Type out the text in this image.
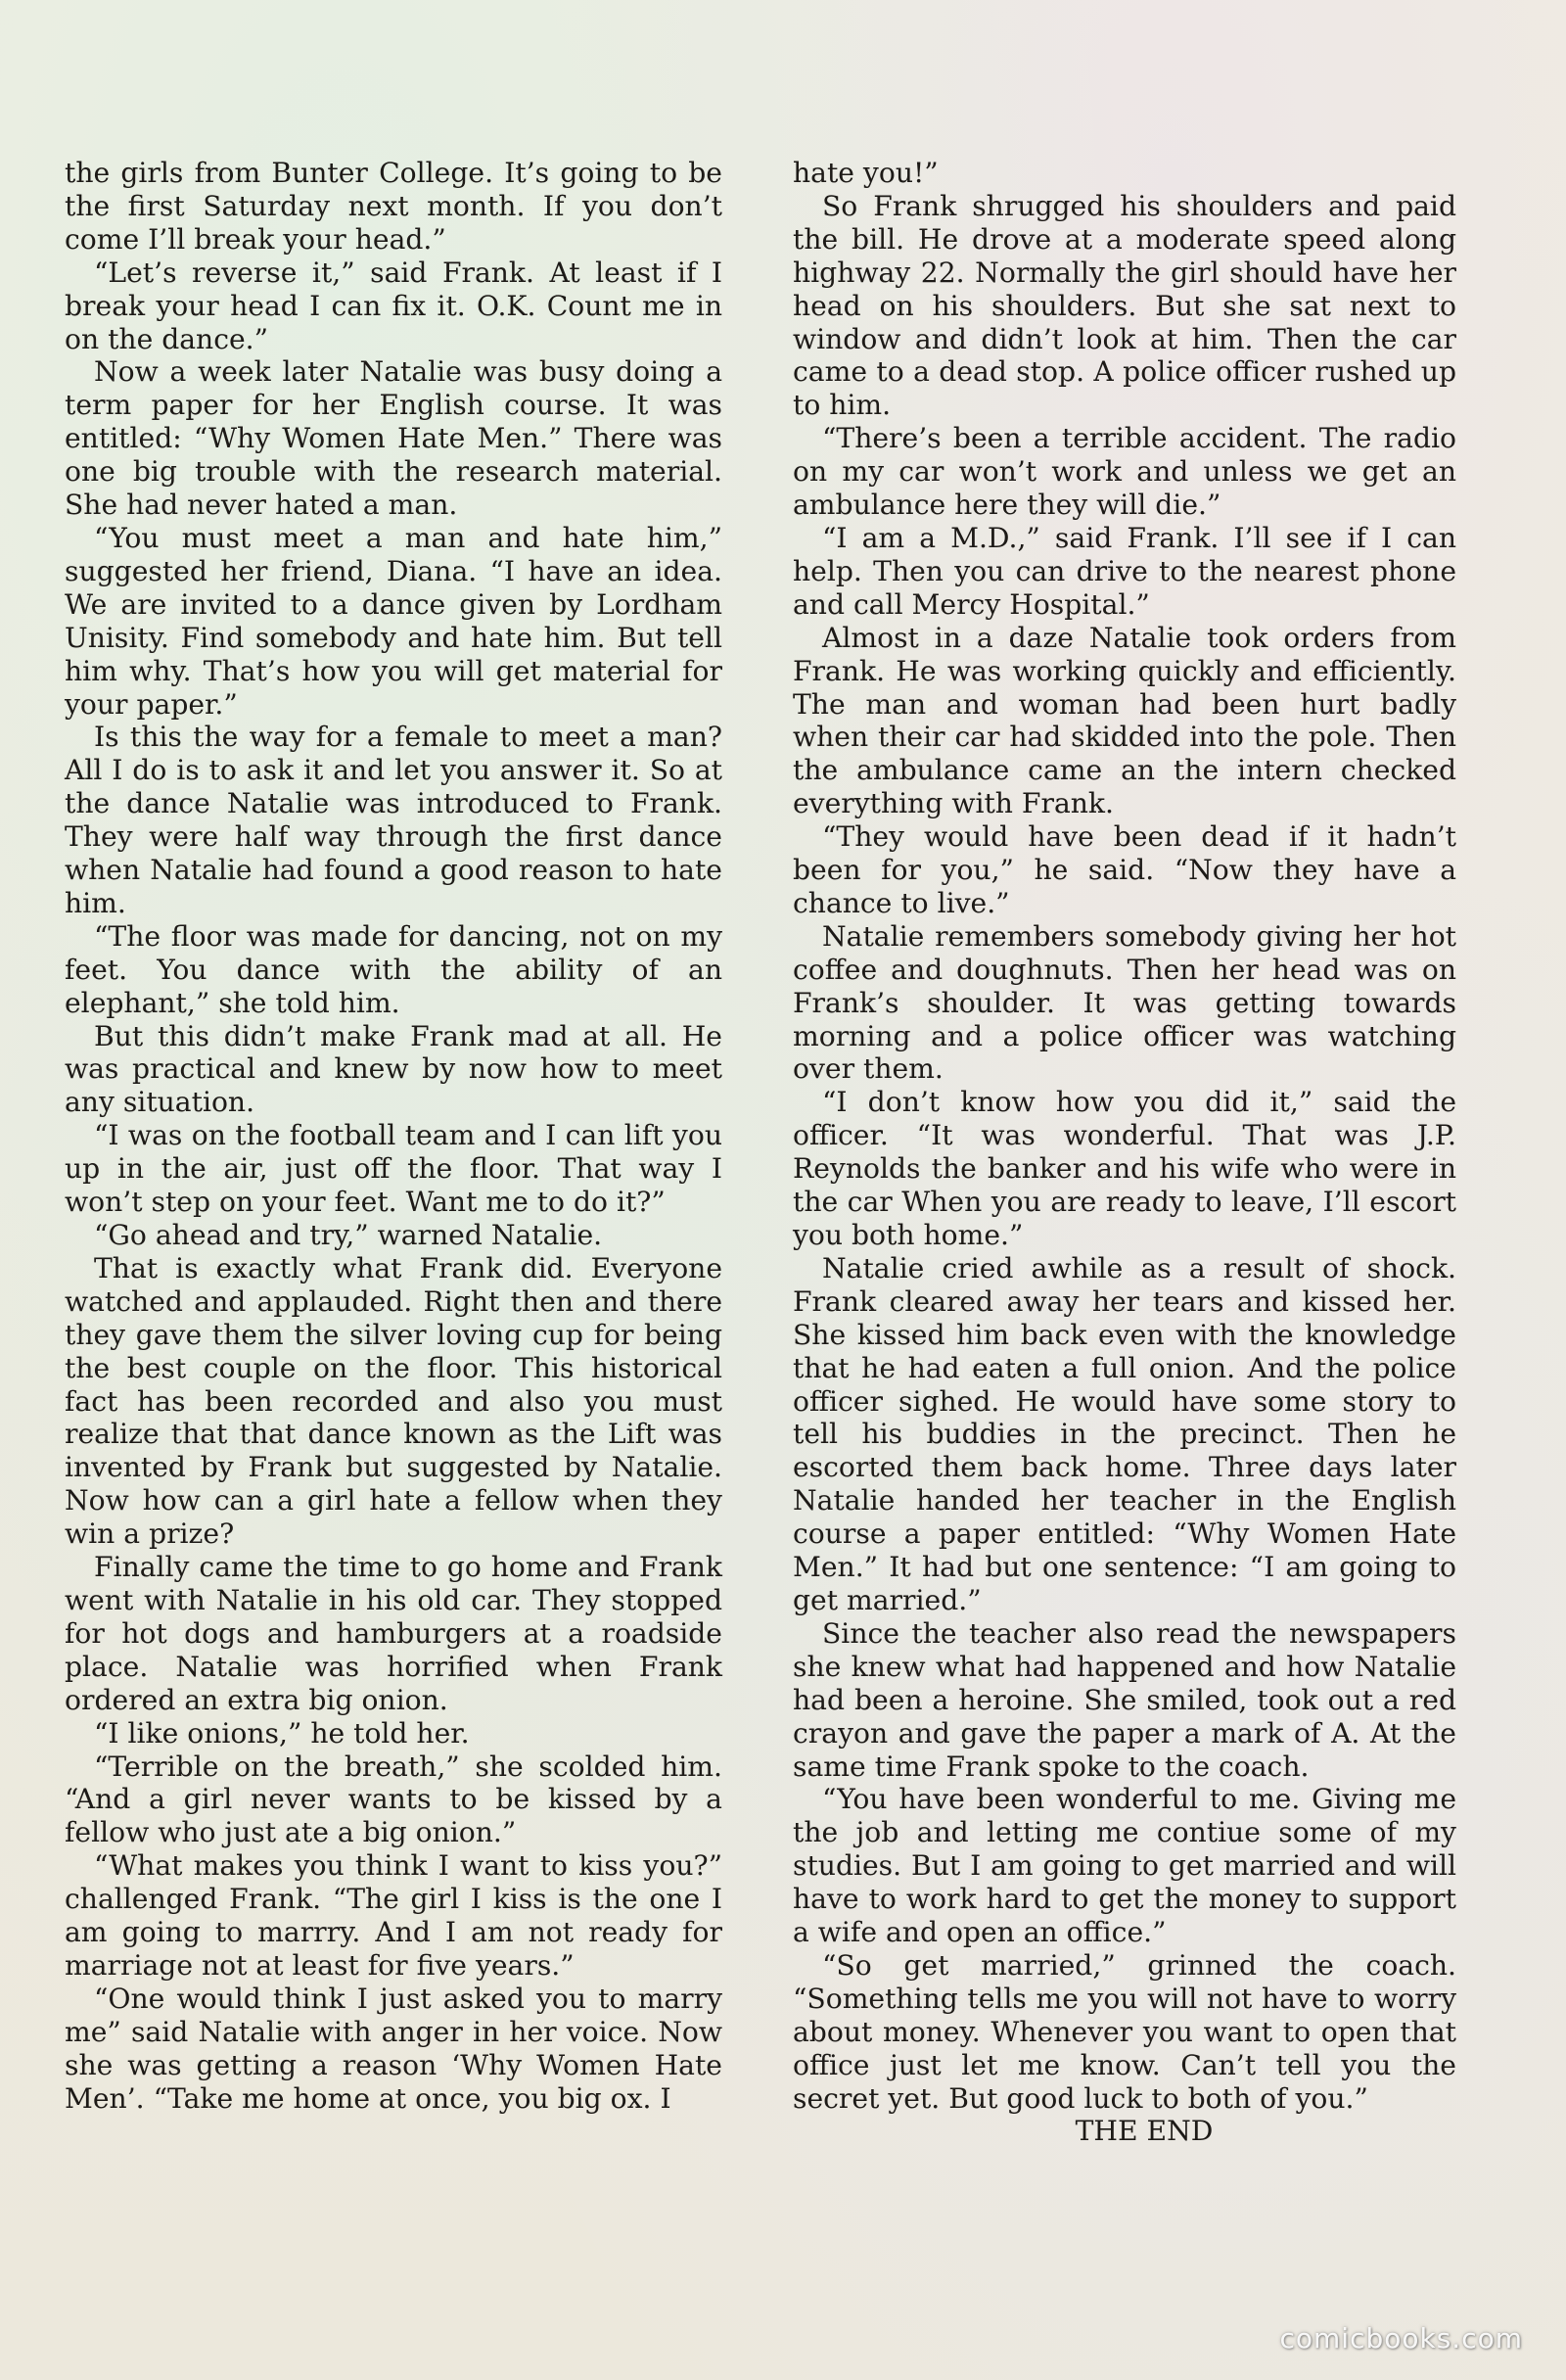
the girls from Bunter College. It’s going to be the first Saturday next month. If you don’t come I’ll break your head.”

“Let’s reverse it,” said Frank. At least if I break your head I can fix it. O.K. Count me in on the dance.”

Now a week later Natalie was busy doing a term paper for her English course. It was entitled: “Why Women Hate Men.” There was one big trouble with the research material. She had never hated a man.

“You must meet a man and hate him,” suggested her friend, Diana. “I have an idea. We are invited to a dance given by Lordham Unisity. Find somebody and hate him. But tell him why. That’s how you will get material for your paper.”

Is this the way for a female to meet a man? All I do is to ask it and let you answer it. So at the dance Natalie was introduced to Frank. They were half way through the first dance when Natalie had found a good reason to hate him.

“The floor was made for dancing, not on my feet. You dance with the ability of an elephant,” she told him.

But this didn’t make Frank mad at all. He was practical and knew by now how to meet any situation.

“I was on the football team and I can lift you up in the air, just off the floor. That way I won’t step on your feet. Want me to do it?”

“Go ahead and try,” warned Natalie.

That is exactly what Frank did. Everyone watched and applauded. Right then and there they gave them the silver loving cup for being the best couple on the floor. This historical fact has been recorded and also you must realize that that dance known as the Lift was invented by Frank but suggested by Natalie. Now how can a girl hate a fellow when they win a prize?

Finally came the time to go home and Frank went with Natalie in his old car. They stopped for hot dogs and hamburgers at a roadside place. Natalie was horrified when Frank ordered an extra big onion.

“I like onions,” he told her.

“Terrible on the breath,” she scolded him. “And a girl never wants to be kissed by a fellow who just ate a big onion.”

“What makes you think I want to kiss you?” challenged Frank. “The girl I kiss is the one I am going to marrry. And I am not ready for marriage not at least for five years.”

“One would think I just asked you to marry me” said Natalie with anger in her voice. Now she was getting a reason ‘Why Women Hate Men’. “Take me home at once, you big ox. I

hate you!”

So Frank shrugged his shoulders and paid the bill. He drove at a moderate speed along highway 22. Normally the girl should have her head on his shoulders. But she sat next to window and didn’t look at him. Then the car came to a dead stop. A police officer rushed up to him.

“There’s been a terrible accident. The radio on my car won’t work and unless we get an ambulance here they will die.”

“I am a M.D.,” said Frank. I’ll see if I can help. Then you can drive to the nearest phone and call Mercy Hospital.”

Almost in a daze Natalie took orders from Frank. He was working quickly and efficiently. The man and woman had been hurt badly when their car had skidded into the pole. Then the ambulance came an the intern checked everything with Frank.

“They would have been dead if it hadn’t been for you,” he said. “Now they have a chance to live.”

Natalie remembers somebody giving her hot coffee and doughnuts. Then her head was on Frank’s shoulder. It was getting towards morning and a police officer was watching over them.

“I don’t know how you did it,” said the officer. “It was wonderful. That was J.P. Reynolds the banker and his wife who were in the car When you are ready to leave, I’ll escort you both home.”

Natalie cried awhile as a result of shock. Frank cleared away her tears and kissed her. She kissed him back even with the knowledge that he had eaten a full onion. And the police officer sighed. He would have some story to tell his buddies in the precinct. Then he escorted them back home. Three days later Natalie handed her teacher in the English course a paper entitled: “Why Women Hate Men.” It had but one sentence: “I am going to get married.”

Since the teacher also read the newspapers she knew what had happened and how Natalie had been a heroine. She smiled, took out a red crayon and gave the paper a mark of A. At the same time Frank spoke to the coach.

“You have been wonderful to me. Giving me the job and letting me contiue some of my studies. But I am going to get married and will have to work hard to get the money to support a wife and open an office.”

“So get married,” grinned the coach. “Something tells me you will not have to worry about money. Whenever you want to open that office just let me know. Can’t tell you the secret yet. But good luck to both of you.”

THE END

comicbooks.com
